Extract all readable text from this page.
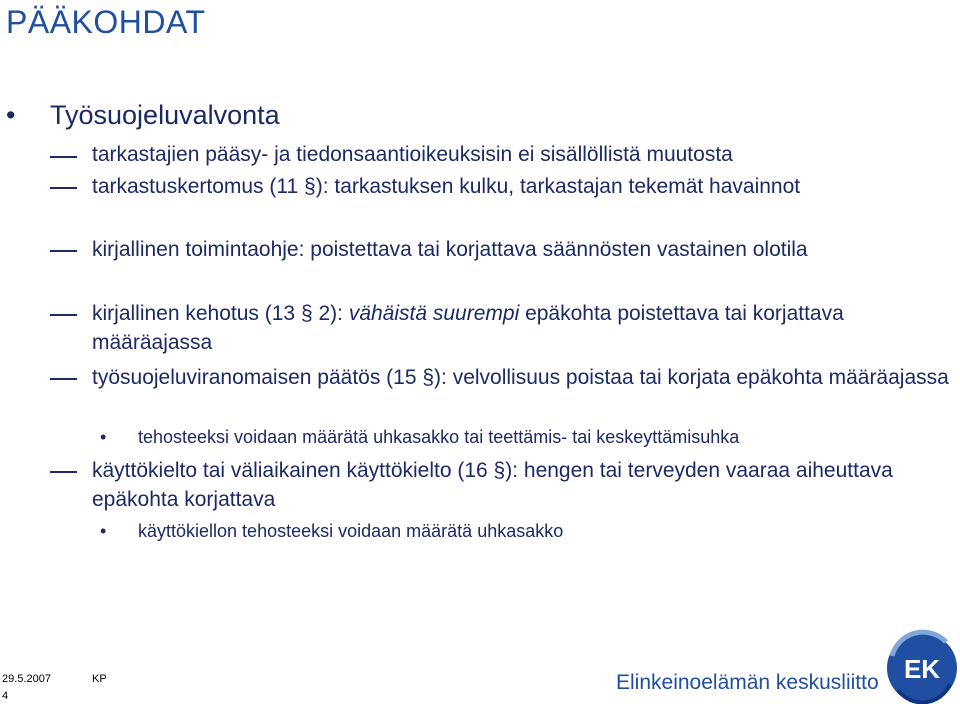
PÄÄKOHDAT
• Työsuojeluvalvonta
tarkastajien pääsy- ja tiedonsaantioikeuksisin ei sisällöllistä muutosta
tarkastuskertomus (11 §): tarkastuksen kulku, tarkastajan tekemät havainnot
kirjallinen toimintaohje: poistettava tai korjattava säännösten vastainen olotila
kirjallinen kehotus (13 § 2): vähäistä suurempi epäkohta poistettava tai korjattava määräajassa
työsuojeluviranomaisen päätös (15 §): velvollisuus poistaa tai korjata epäkohta määräajassa
• tehosteeksi voidaan määrätä uhkasakko tai teettämis- tai keskeyttämisuhka
käyttökielto tai väliaikainen käyttökielto (16 §): hengen tai terveyden vaaraa aiheuttava epäkohta korjattava
• käyttökiellon tehosteeksi voidaan määrätä uhkasakko
29.5.2007	KP
4
Elinkeinoelämän keskusliitto EK
